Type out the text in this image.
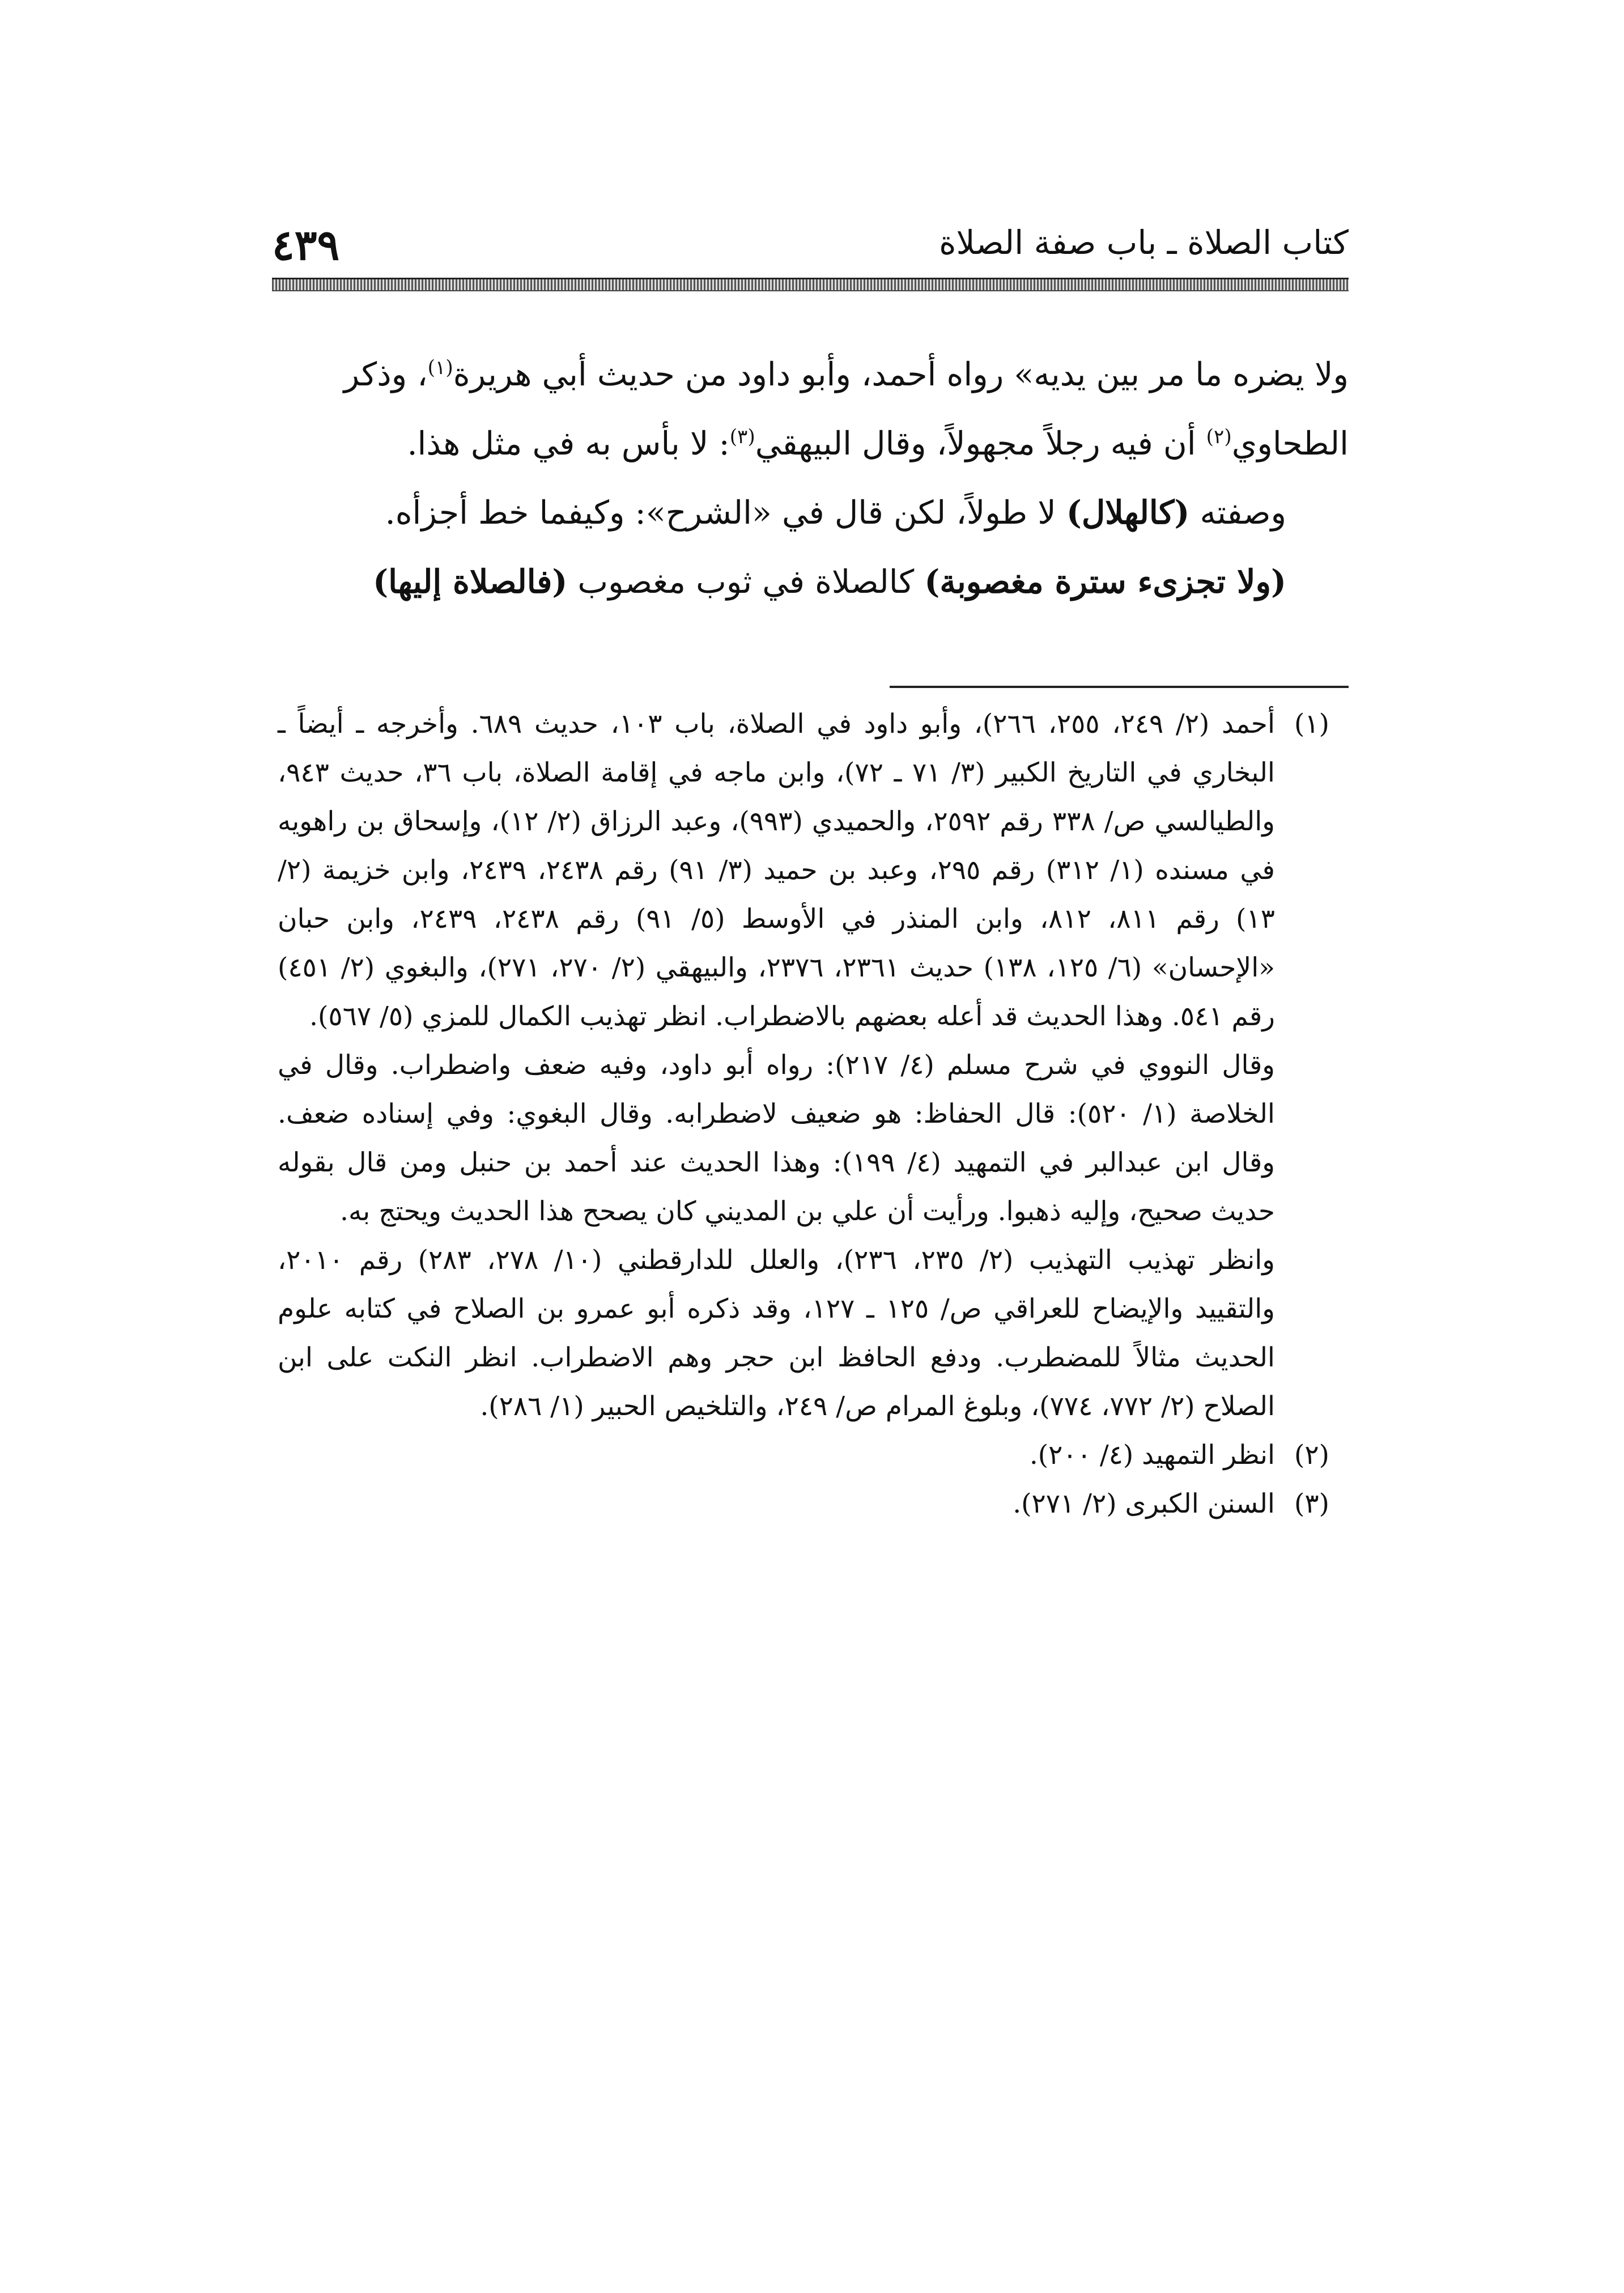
٤٣٩	كتاب الصلاة ـ باب صفة الصلاة

ولا يضره ما مر بين يديه» رواه أحمد، وأبو داود من حديث أبي هريرة$^{(١)}$، وذكر

الطحاوي$^{(٢)}$ أن فيه رجلاً مجهولاً، وقال البيهقي$^{(٣)}$: لا بأس به في مثل هذا.

وصفته (كالهلال) لا طولاً، لكن قال في «الشرح»: وكيفما خط أجزأه.

(ولا تجزىء سترة مغصوبة) كالصلاة في ثوب مغصوب (فالصلاة إليها)

(١)

أحمد (٢/ ٢٤٩، ٢٥٥، ٢٦٦)، وأبو داود في الصلاة، باب ١٠٣، حديث ٦٨٩. وأخرجه ـ أيضاً ـ البخاري في التاريخ الكبير (٣/ ٧١ ـ ٧٢)، وابن ماجه في إقامة الصلاة، باب ٣٦، حديث ٩٤٣، والطيالسي ص/ ٣٣٨ رقم ٢٥٩٢، والحميدي (٩٩٣)، وعبد الرزاق (٢/ ١٢)، وإسحاق بن راهويه في مسنده (١/ ٣١٢) رقم ٢٩٥، وعبد بن حميد (٣/ ٩١) رقم ٢٤٣٨، ٢٤٣٩، وابن خزيمة (٢/ ١٣) رقم ٨١١، ٨١٢، وابن المنذر في الأوسط (٥/ ٩١) رقم ٢٤٣٨، ٢٤٣٩، وابن حبان «الإحسان» (٦/ ١٢٥، ١٣٨) حديث ٢٣٦١، ٢٣٧٦، والبيهقي (٢/ ٢٧٠، ٢٧١)، والبغوي (٢/ ٤٥١) رقم ٥٤١. وهذا الحديث قد أعله بعضهم بالاضطراب. انظر تهذيب الكمال للمزي (٥/ ٥٦٧).

وقال النووي في شرح مسلم (٤/ ٢١٧): رواه أبو داود، وفيه ضعف واضطراب. وقال في الخلاصة (١/ ٥٢٠): قال الحفاظ: هو ضعيف لاضطرابه. وقال البغوي: وفي إسناده ضعف. وقال ابن عبدالبر في التمهيد (٤/ ١٩٩): وهذا الحديث عند أحمد بن حنبل ومن قال بقوله حديث صحيح، وإليه ذهبوا. ورأيت أن علي بن المديني كان يصحح هذا الحديث ويحتج به.

وانظر تهذيب التهذيب (٢/ ٢٣٥، ٢٣٦)، والعلل للدارقطني (١٠/ ٢٧٨، ٢٨٣) رقم ٢٠١٠، والتقييد والإيضاح للعراقي ص/ ١٢٥ ـ ١٢٧، وقد ذكره أبو عمرو بن الصلاح في كتابه علوم الحديث مثالاً للمضطرب. ودفع الحافظ ابن حجر وهم الاضطراب. انظر النكت على ابن الصلاح (٢/ ٧٧٢، ٧٧٤)، وبلوغ المرام ص/ ٢٤٩، والتلخيص الحبير (١/ ٢٨٦).

(٢)

انظر التمهيد (٤/ ٢٠٠).

(٣)

السنن الكبرى (٢/ ٢٧١).
